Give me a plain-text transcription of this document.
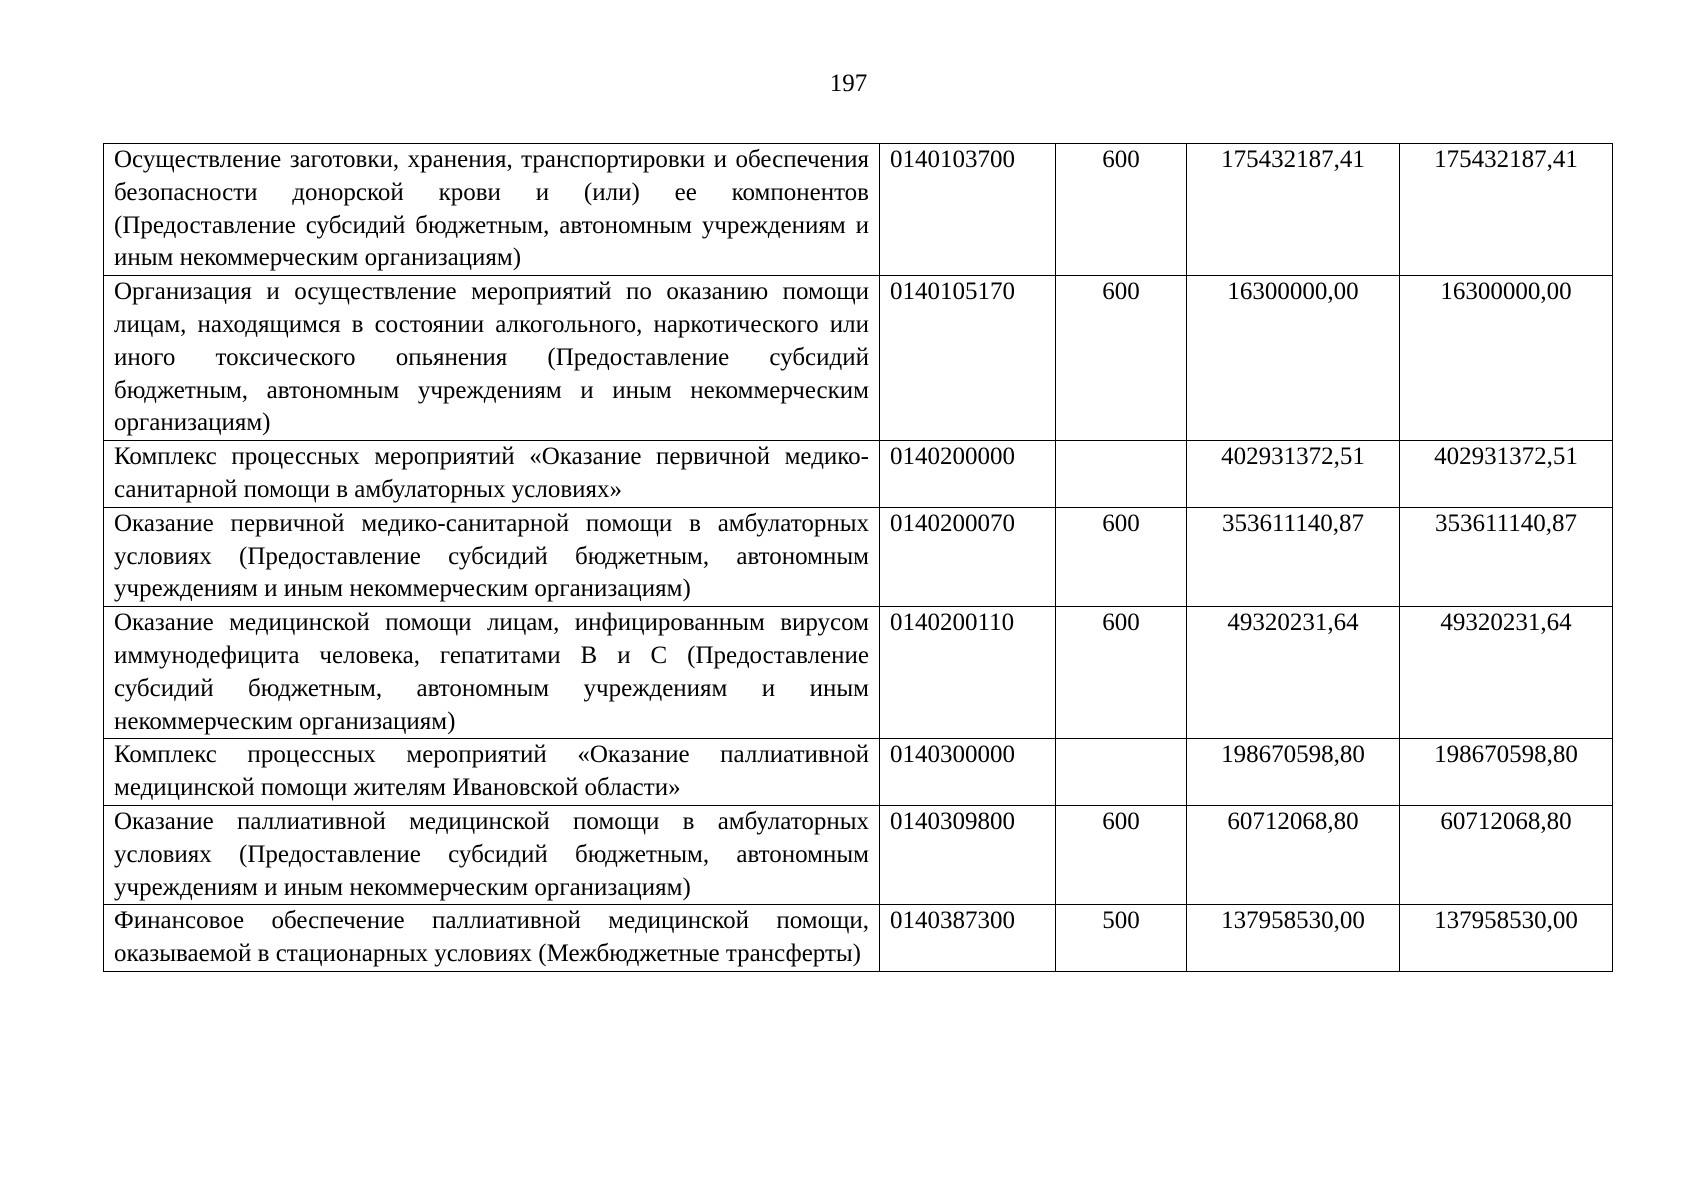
197
Осуществление заготовки, хранения, транспортировки и обеспечения безопасности донорской крови и (или) ее компонентов (Предоставление субсидий бюджетным, автономным учреждениям и иным некоммерческим организациям)	0140103700	600	175432187,41	175432187,41
Организация и осуществление мероприятий по оказанию помощи лицам, находящимся в состоянии алкогольного, наркотического или иного токсического опьянения (Предоставление субсидий бюджетным, автономным учреждениям и иным некоммерческим организациям)	0140105170	600	16300000,00	16300000,00
Комплекс процессных мероприятий «Оказание первичной медико-санитарной помощи в амбулаторных условиях»	0140200000		402931372,51	402931372,51
Оказание первичной медико-санитарной помощи в амбулаторных условиях (Предоставление субсидий бюджетным, автономным учреждениям и иным некоммерческим организациям)	0140200070	600	353611140,87	353611140,87
Оказание медицинской помощи лицам, инфицированным вирусом иммунодефицита человека, гепатитами В и С (Предоставление субсидий бюджетным, автономным учреждениям и иным некоммерческим организациям)	0140200110	600	49320231,64	49320231,64
Комплекс процессных мероприятий «Оказание паллиативной медицинской помощи жителям Ивановской области»	0140300000		198670598,80	198670598,80
Оказание паллиативной медицинской помощи в амбулаторных условиях (Предоставление субсидий бюджетным, автономным учреждениям и иным некоммерческим организациям)	0140309800	600	60712068,80	60712068,80
Финансовое обеспечение паллиативной медицинской помощи, оказываемой в стационарных условиях (Межбюджетные трансферты)	0140387300	500	137958530,00	137958530,00
